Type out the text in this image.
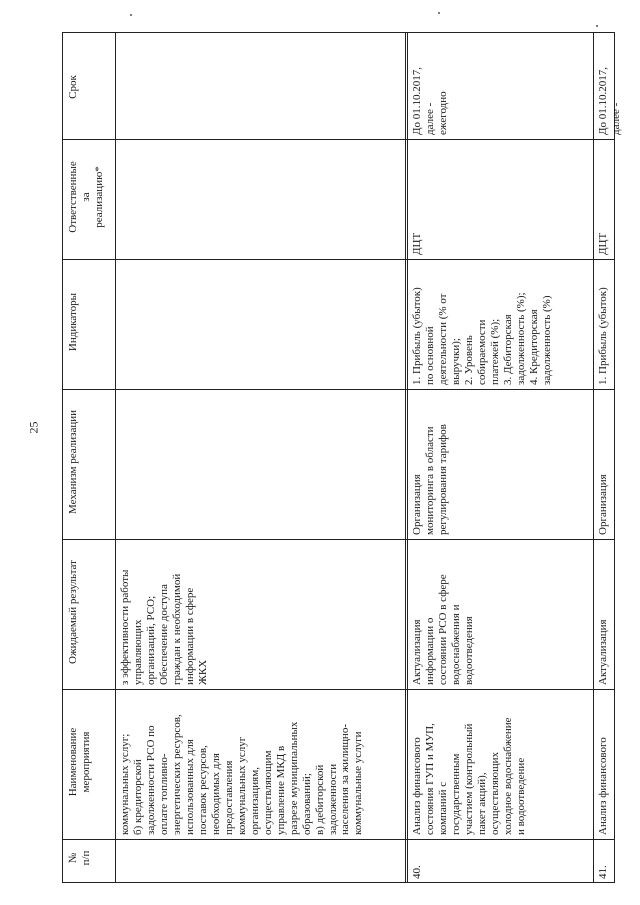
25
Срок
Ответственные
за
реализацию*
Индикаторы
Механизм реализации
Ожидаемый результат
Наименование
мероприятия
№
п/п
з эффективности работы
управляющих
организаций, РСО;
Обеспечение доступа
граждан к необходимой
информации в сфере
ЖКХ
коммунальных услуг;
б) кредиторской
задолженности РСО по
оплате топливно-
энергетических ресурсов,
использованных для
поставок ресурсов,
необходимых для
предоставления
коммунальных услуг
организациям,
осуществляющим
управление МКД в
разрезе муниципальных
образований;
в) дебиторской
задолженности
населения за жилищно-
коммунальные услуги
До 01.10.2017, далее -
ежегодно
ДЦТ
1. Прибыль (убыток)
по основной
деятельности (% от
выручки);
2. Уровень
собираемости
платежей (%);
3. Дебиторская
задолженность (%);
4. Кредиторская
задолженность (%)
Организация
мониторинга в области
регулирования тарифов
Актуализация
информации о
состоянии РСО в сфере
водоснабжения и
водоотведения
Анализ финансового
состояния ГУП и МУП,
компаний с
государственным
участием (контрольный
пакет акций),
осуществляющих
холодное водоснабжение
и водоотведение
40.
До 01.10.2017, далее -
ДЦТ
1. Прибыль (убыток)
Организация
Актуализация
Анализ финансового
41.
